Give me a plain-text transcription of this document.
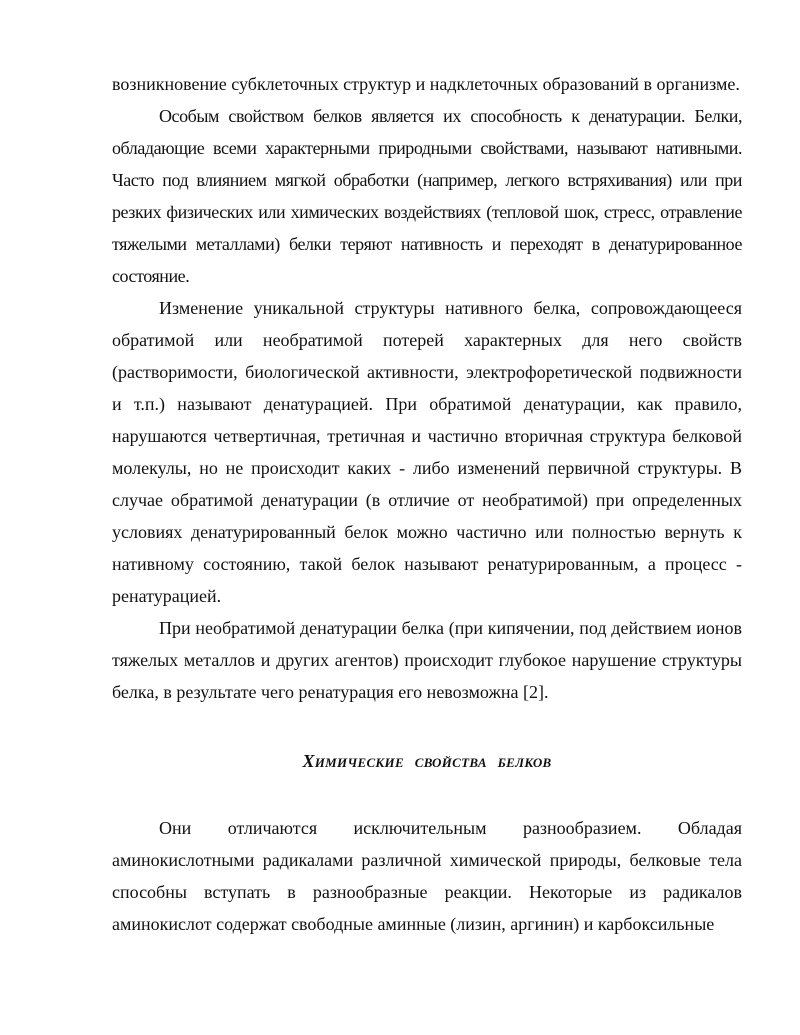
возникновение субклеточных структур и надклеточных образований в организме.

Особым свойством белков является их способность к денатурации. Белки, обладающие всеми характерными природными свойствами, называют нативными. Часто под влиянием мягкой обработки (например, легкого встряхивания) или при резких физических или химических воздействиях (тепловой шок, стресс, отравление тяжелыми металлами) белки теряют нативность и переходят в денатурированное состояние.

Изменение уникальной структуры нативного белка, сопровождающееся обратимой или необратимой потерей характерных для него свойств (растворимости, биологической активности, электрофоретической подвижности и т.п.) называют денатурацией. При обратимой денатурации, как правило, нарушаются четвертичная, третичная и частично вторичная структура белковой молекулы, но не происходит каких - либо изменений первичной структуры. В случае обратимой денатурации (в отличие от необратимой) при определенных условиях денатурированный белок можно частично или полностью вернуть к нативному состоянию, такой белок называют ренатурированным, а процесс - ренатурацией.

При необратимой денатурации белка (при кипячении, под действием ионов тяжелых металлов и других агентов) происходит глубокое нарушение структуры белка, в результате чего ренатурация его невозможна [2].

Химические свойства белков

Они отличаются исключительным разнообразием. Обладая аминокислотными радикалами различной химической природы, белковые тела способны вступать в разнообразные реакции. Некоторые из радикалов аминокислот содержат свободные аминные (лизин, аргинин) и карбоксильные
